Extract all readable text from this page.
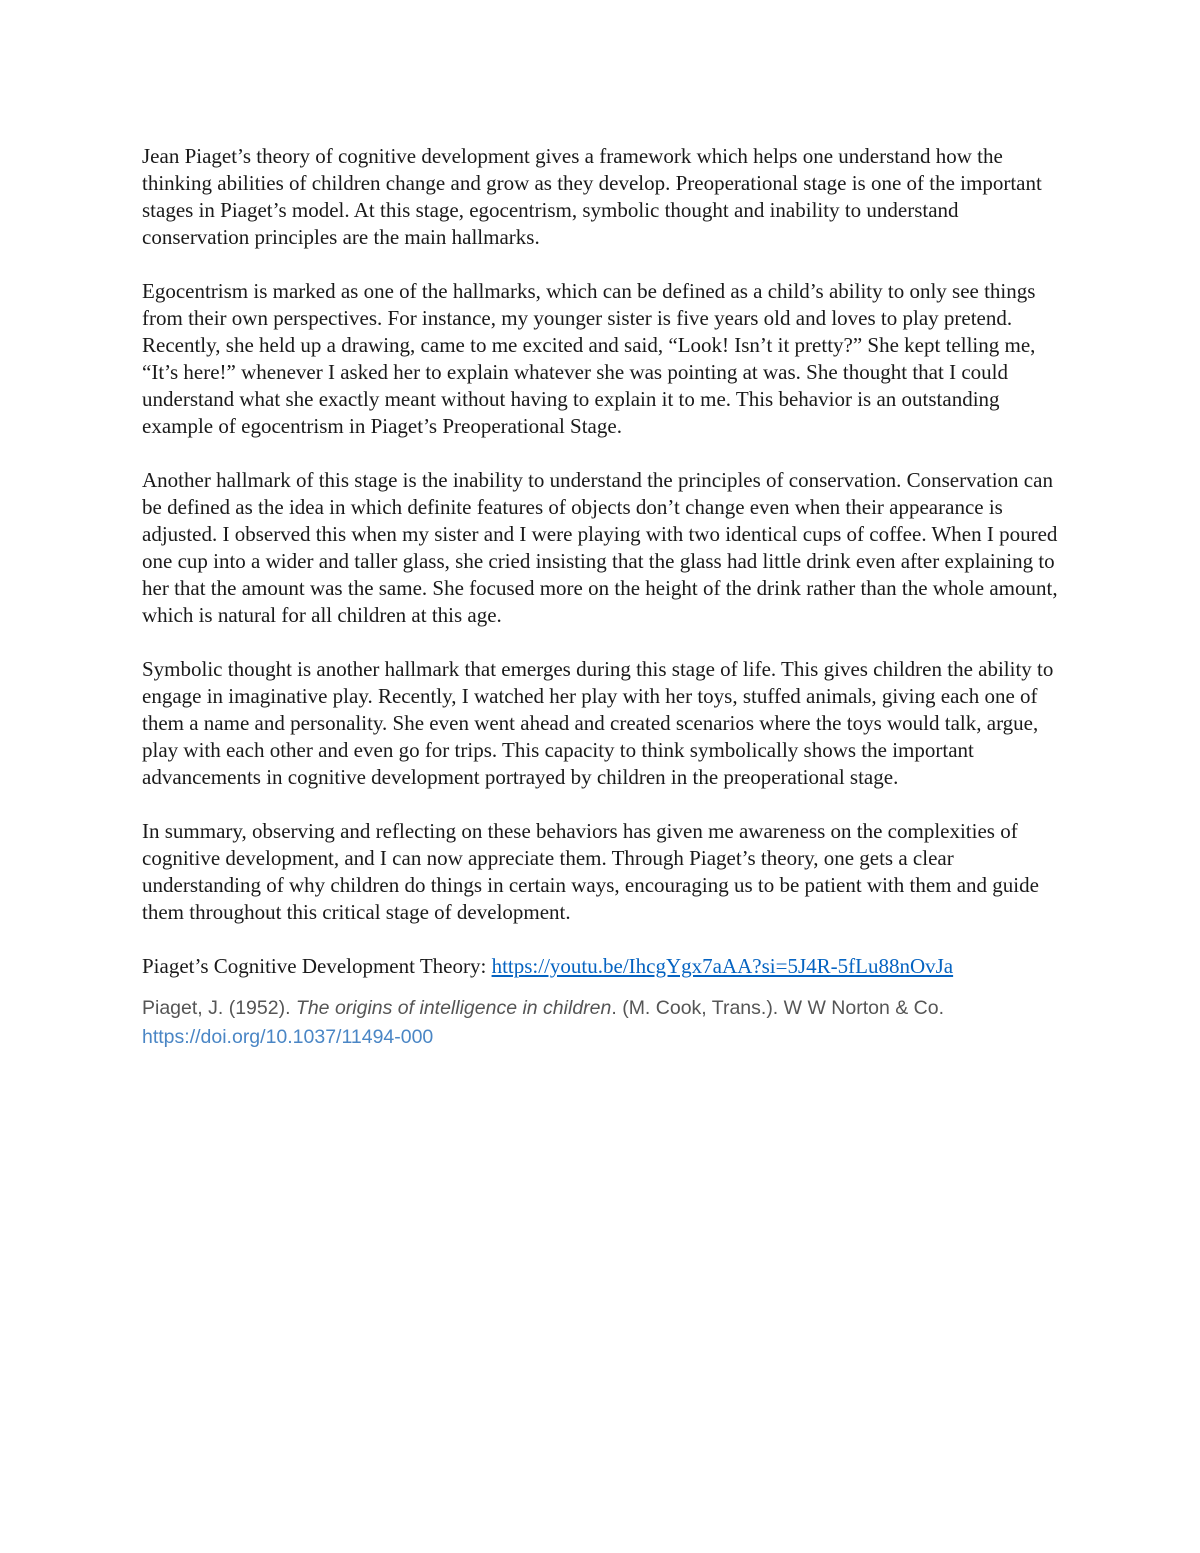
Jean Piaget’s theory of cognitive development gives a framework which helps one understand how the thinking abilities of children change and grow as they develop. Preoperational stage is one of the important stages in Piaget’s model. At this stage, egocentrism, symbolic thought and inability to understand conservation principles are the main hallmarks.

Egocentrism is marked as one of the hallmarks, which can be defined as a child’s ability to only see things from their own perspectives. For instance, my younger sister is five years old and loves to play pretend. Recently, she held up a drawing, came to me excited and said, “Look! Isn’t it pretty?” She kept telling me, “It’s here!” whenever I asked her to explain whatever she was pointing at was. She thought that I could understand what she exactly meant without having to explain it to me. This behavior is an outstanding example of egocentrism in Piaget’s Preoperational Stage.

Another hallmark of this stage is the inability to understand the principles of conservation. Conservation can be defined as the idea in which definite features of objects don’t change even when their appearance is adjusted. I observed this when my sister and I were playing with two identical cups of coffee. When I poured one cup into a wider and taller glass, she cried insisting that the glass had little drink even after explaining to her that the amount was the same. She focused more on the height of the drink rather than the whole amount, which is natural for all children at this age.

Symbolic thought is another hallmark that emerges during this stage of life. This gives children the ability to engage in imaginative play. Recently, I watched her play with her toys, stuffed animals, giving each one of them a name and personality. She even went ahead and created scenarios where the toys would talk, argue, play with each other and even go for trips. This capacity to think symbolically shows the important advancements in cognitive development portrayed by children in the preoperational stage.

In summary, observing and reflecting on these behaviors has given me awareness on the complexities of cognitive development, and I can now appreciate them. Through Piaget’s theory, one gets a clear understanding of why children do things in certain ways, encouraging us to be patient with them and guide them throughout this critical stage of development.

Piaget’s Cognitive Development Theory: https://youtu.be/IhcgYgx7aAA?si=5J4R-5fLu88nOvJa

Piaget, J. (1952). The origins of intelligence in children. (M. Cook, Trans.). W W Norton & Co. https://doi.org/10.1037/11494-000
